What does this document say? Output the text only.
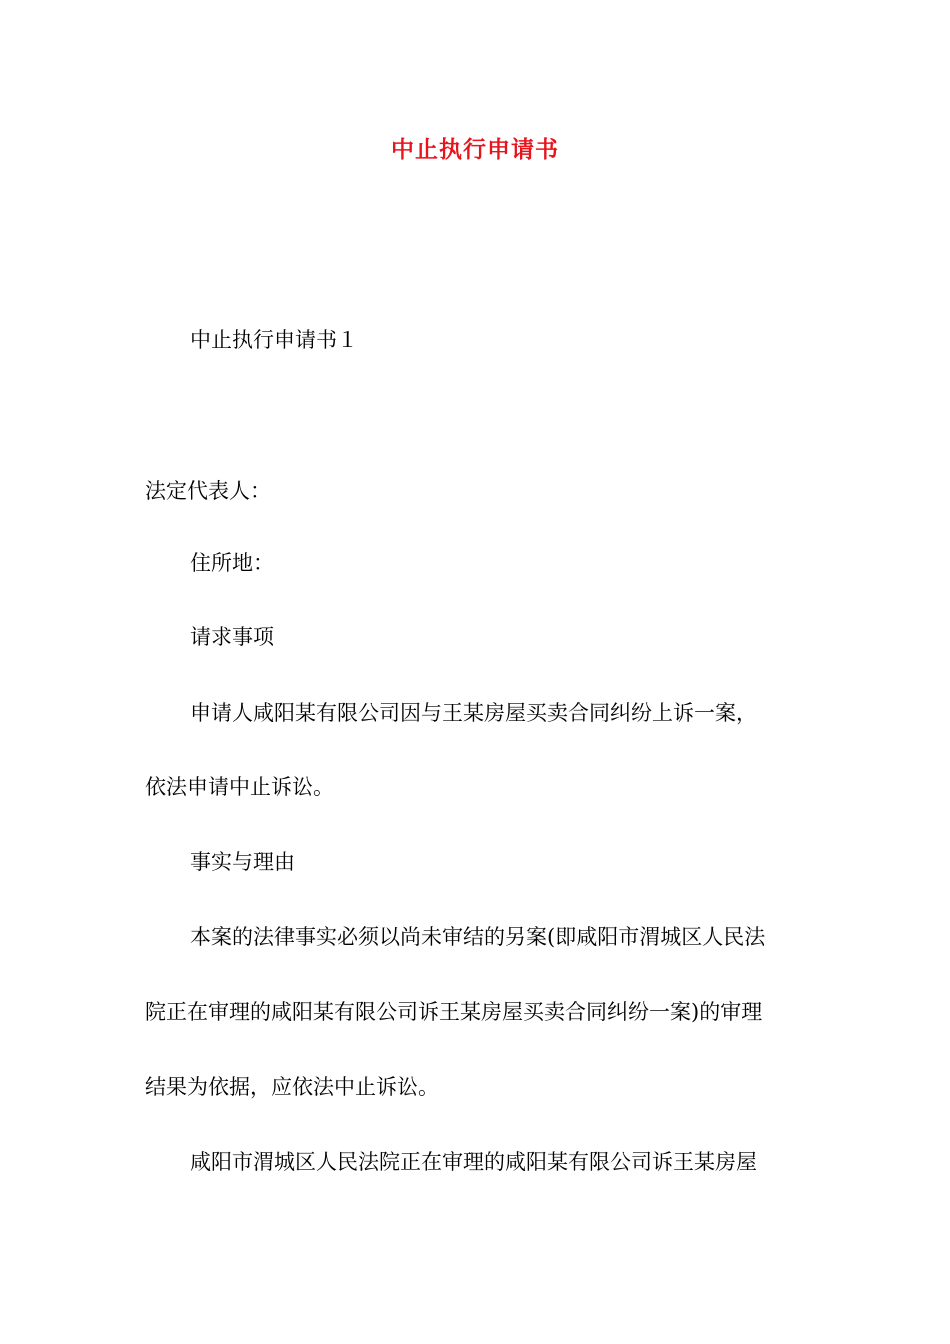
中止执行申请书
中止执行申请书１
法定代表人：
住所地：
请求事项
申请人咸阳某有限公司因与王某房屋买卖合同纠纷上诉一案，
依法申请中止诉讼。
事实与理由
本案的法律事实必须以尚未审结的另案(即咸阳市渭城区人民法
院正在审理的咸阳某有限公司诉王某房屋买卖合同纠纷一案)的审理
结果为依据，应依法中止诉讼。
咸阳市渭城区人民法院正在审理的咸阳某有限公司诉王某房屋
